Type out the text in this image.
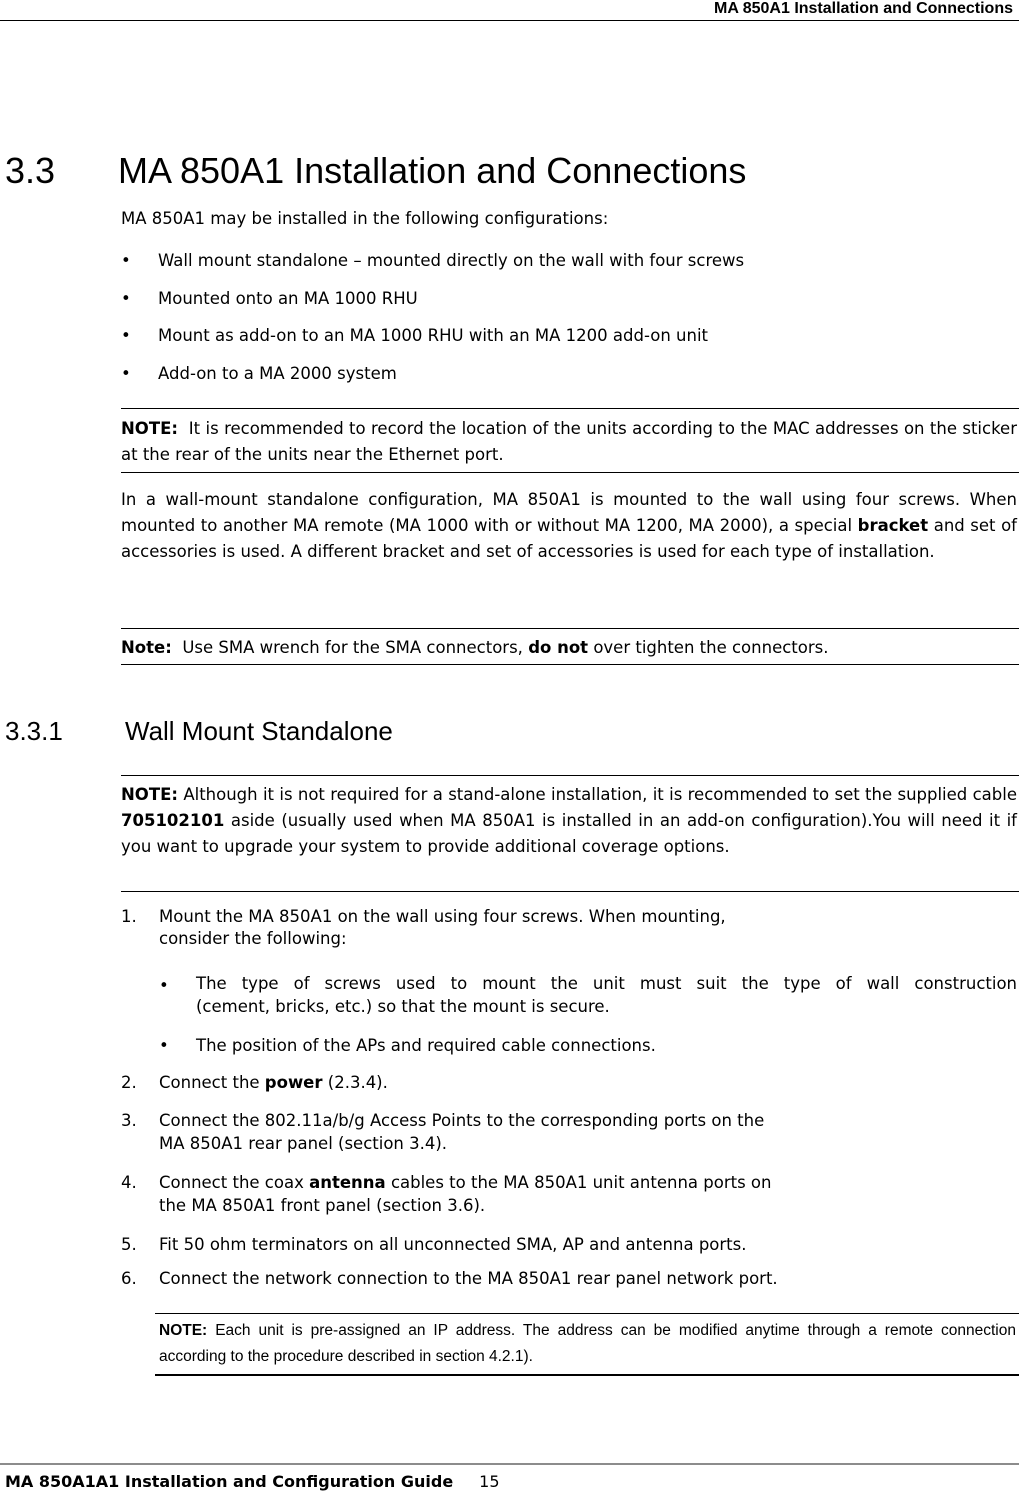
MA 850A1 Installation and Connections
3.3 MA 850A1 Installation and Connections
MA 850A1 may be installed in the following configurations:
• Wall mount standalone – mounted directly on the wall with four screws
• Mounted onto an MA 1000 RHU
• Mount as add-on to an MA 1000 RHU with an MA 1200 add-on unit
• Add-on to a MA 2000 system
NOTE: It is recommended to record the location of the units according to the MAC addresses on the sticker at the rear of the units near the Ethernet port.
In a wall-mount standalone configuration, MA 850A1 is mounted to the wall using four screws. When mounted to another MA remote (MA 1000 with or without MA 1200, MA 2000), a special bracket and set of accessories is used. A different bracket and set of accessories is used for each type of installation.
Note: Use SMA wrench for the SMA connectors, do not over tighten the connectors.
3.3.1 Wall Mount Standalone
NOTE: Although it is not required for a stand-alone installation, it is recommended to set the supplied cable 705102101 aside (usually used when MA 850A1 is installed in an add-on configuration).You will need it if you want to upgrade your system to provide additional coverage options.
1. Mount the MA 850A1 on the wall using four screws. When mounting,
consider the following:
• The type of screws used to mount the unit must suit the type of wall construction
(cement, bricks, etc.) so that the mount is secure.
• The position of the APs and required cable connections.
2. Connect the power (2.3.4).
3. Connect the 802.11a/b/g Access Points to the corresponding ports on the
MA 850A1 rear panel (section 3.4).
4. Connect the coax antenna cables to the MA 850A1 unit antenna ports on
the MA 850A1 front panel (section 3.6).
5. Fit 50 ohm terminators on all unconnected SMA, AP and antenna ports.
6. Connect the network connection to the MA 850A1 rear panel network port.
NOTE: Each unit is pre-assigned an IP address. The address can be modified anytime through a remote connection according to the procedure described in section 4.2.1).
MA 850A1A1 Installation and Configuration Guide 15
